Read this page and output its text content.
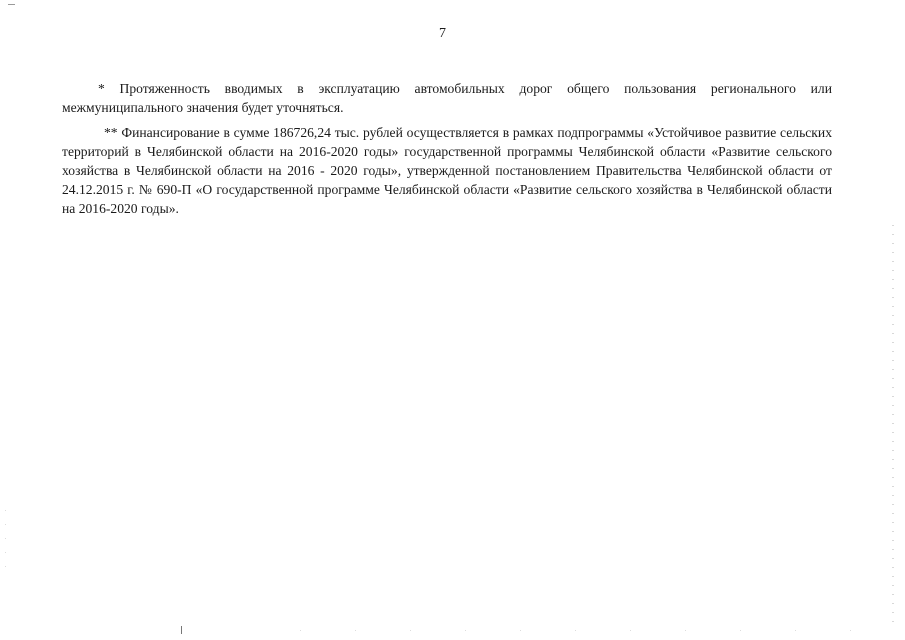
7

* Протяженность вводимых в эксплуатацию автомобильных дорог общего пользования регионального или межмуниципального значения будет уточняться.

** Финансирование в сумме 186726,24 тыс. рублей осуществляется в рамках подпрограммы «Устойчивое развитие сельских территорий в Челябинской области на 2016-2020 годы» государственной программы Челябинской области «Развитие сельского хозяйства в Челябинской области на 2016 - 2020 годы», утвержденной постановлением Правительства Челябинской области от 24.12.2015 г. № 690-П «О государственной программе Челябинской области «Развитие сельского хозяйства в Челябинской области на 2016-2020 годы».
